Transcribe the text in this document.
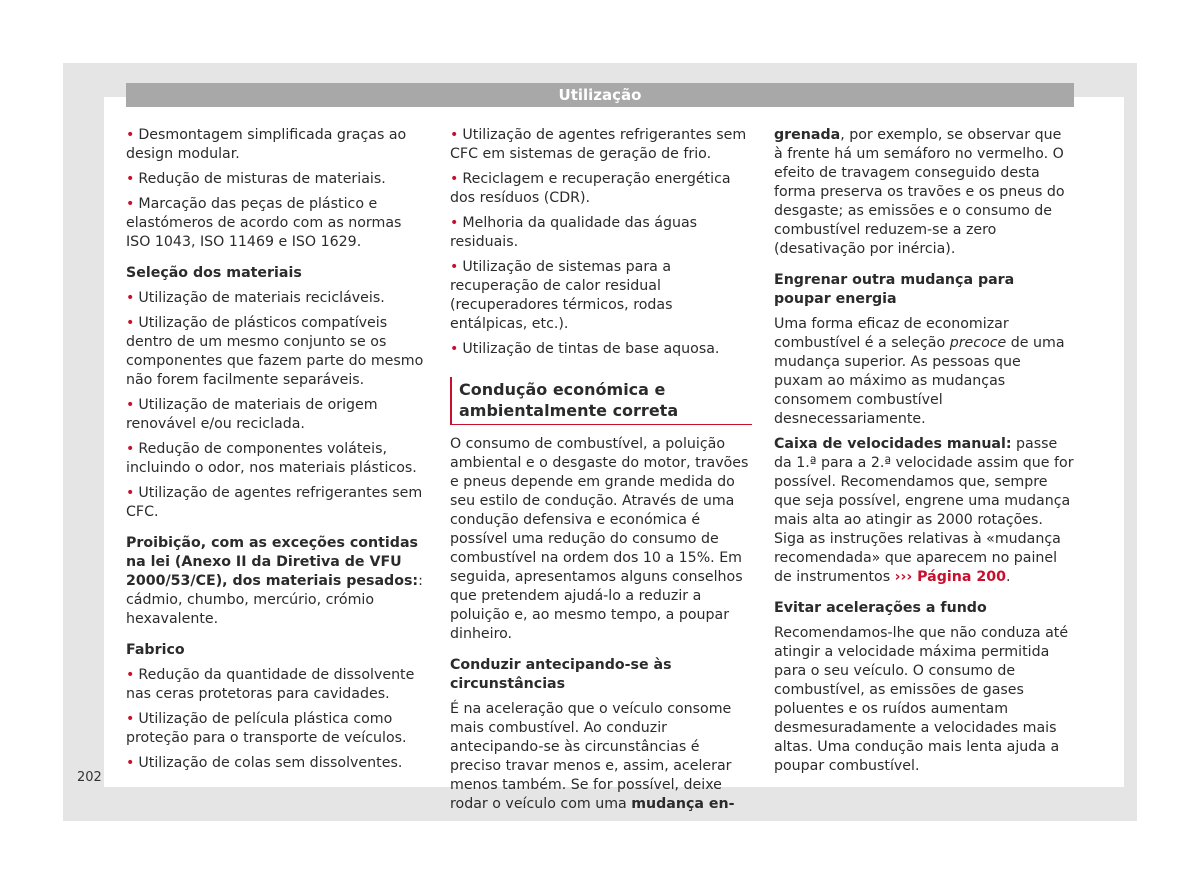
Utilização

• Desmontagem simplificada graças ao design modular.

• Redução de misturas de materiais.

• Marcação das peças de plástico e elastómeros de acordo com as normas ISO 1043, ISO 11469 e ISO 1629.

Seleção dos materiais

• Utilização de materiais recicláveis.

• Utilização de plásticos compatíveis dentro de um mesmo conjunto se os componentes que fazem parte do mesmo não forem facilmente separáveis.

• Utilização de materiais de origem renovável e/ou reciclada.

• Redução de componentes voláteis, incluindo o odor, nos materiais plásticos.

• Utilização de agentes refrigerantes sem CFC.

Proibição, com as exceções contidas na lei (Anexo II da Diretiva de VFU 2000/53/CE), dos materiais pesados:: cádmio, chumbo, mercúrio, crómio hexavalente.

Fabrico

• Redução da quantidade de dissolvente nas ceras protetoras para cavidades.

• Utilização de película plástica como proteção para o transporte de veículos.

• Utilização de colas sem dissolventes.

• Utilização de agentes refrigerantes sem CFC em sistemas de geração de frio.

• Reciclagem e recuperação energética dos resíduos (CDR).

• Melhoria da qualidade das águas residuais.

• Utilização de sistemas para a recuperação de calor residual (recuperadores térmicos, rodas entálpicas, etc.).

• Utilização de tintas de base aquosa.

Condução económica e ambientalmente correta

O consumo de combustível, a poluição ambiental e o desgaste do motor, travões e pneus depende em grande medida do seu estilo de condução. Através de uma condução defensiva e económica é possível uma redução do consumo de combustível na ordem dos 10 a 15%. Em seguida, apresentamos alguns conselhos que pretendem ajudá-lo a reduzir a poluição e, ao mesmo tempo, a poupar dinheiro.

Conduzir antecipando-se às circunstâncias

É na aceleração que o veículo consome mais combustível. Ao conduzir antecipando-se às circunstâncias é preciso travar menos e, assim, acelerar menos também. Se for possível, deixe rodar o veículo com uma mudança en-

grenada, por exemplo, se observar que à frente há um semáforo no vermelho. O efeito de travagem conseguido desta forma preserva os travões e os pneus do desgaste; as emissões e o consumo de combustível reduzem-se a zero (desativação por inércia).

Engrenar outra mudança para poupar energia

Uma forma eficaz de economizar combustível é a seleção precoce de uma mudança superior. As pessoas que puxam ao máximo as mudanças consomem combustível desnecessariamente.

Caixa de velocidades manual: passe da 1.ª para a 2.ª velocidade assim que for possível. Recomendamos que, sempre que seja possível, engrene uma mudança mais alta ao atingir as 2000 rotações. Siga as instruções relativas à «mudança recomendada» que aparecem no painel de instrumentos ››› Página 200.

Evitar acelerações a fundo

Recomendamos-lhe que não conduza até atingir a velocidade máxima permitida para o seu veículo. O consumo de combustível, as emissões de gases poluentes e os ruídos aumentam desmesuradamente a velocidades mais altas. Uma condução mais lenta ajuda a poupar combustível.

202
